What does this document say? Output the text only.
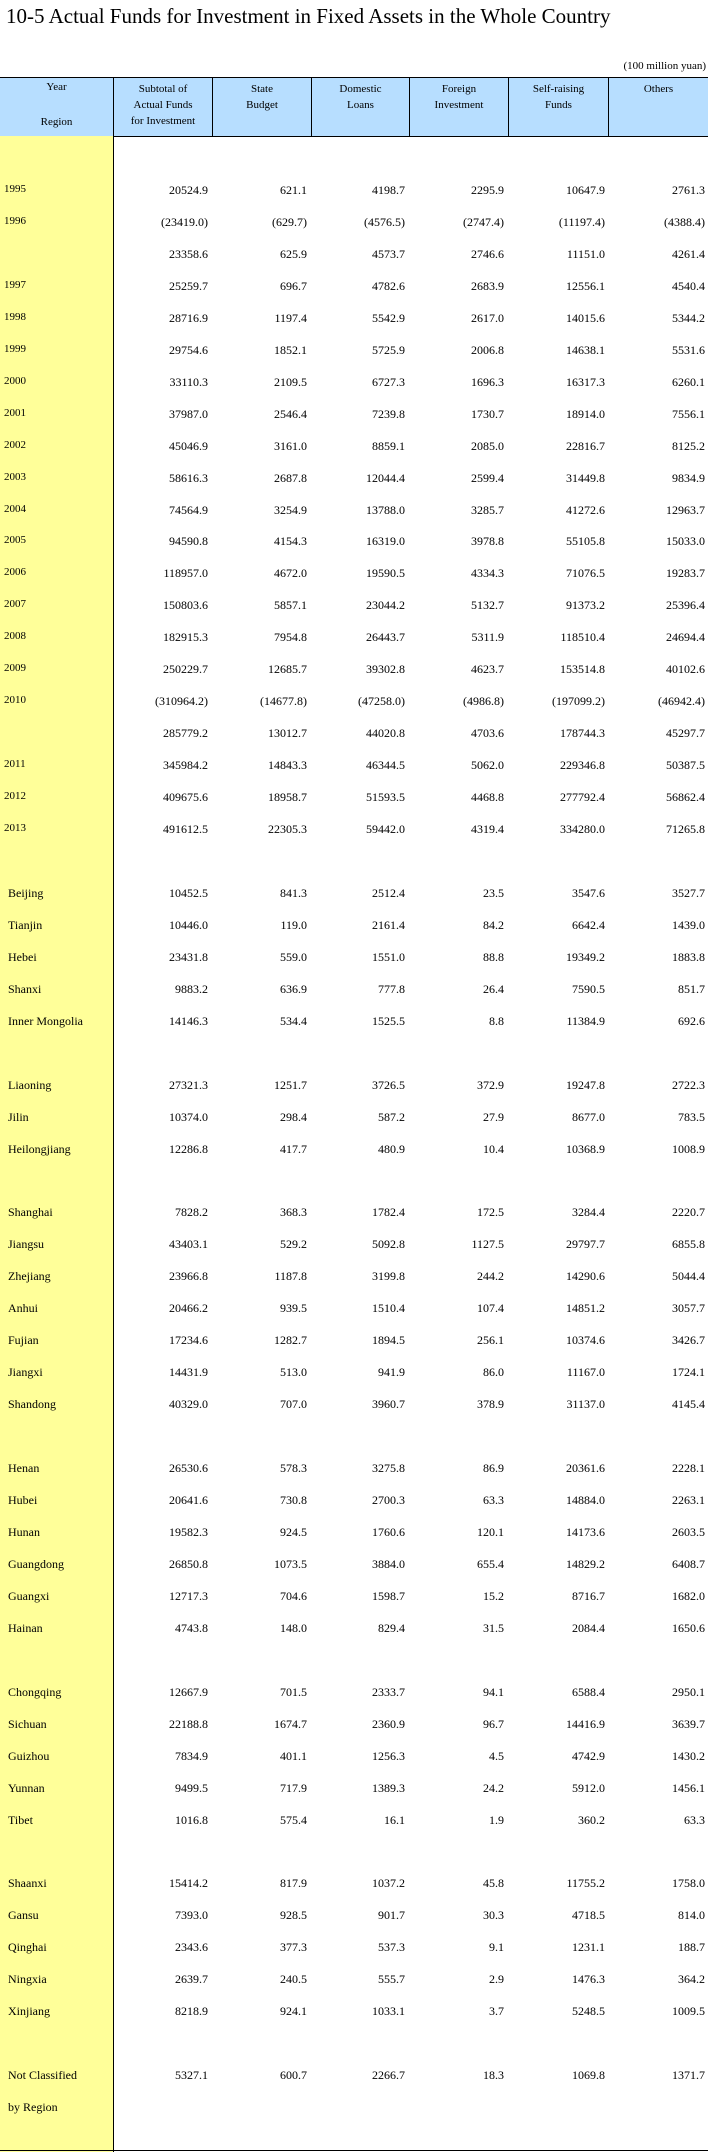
10-5 Actual Funds for Investment in Fixed Assets in the Whole Country
(100 million yuan)
Year
Region
Subtotal of
Actual Funds
for Investment
State
Budget
Domestic
Loans
Foreign
Investment
Self-raising
Funds
Others
1995	20524.9	621.1	4198.7	2295.9	10647.9	2761.3
1996	(23419.0)	(629.7)	(4576.5)	(2747.4)	(11197.4)	(4388.4)
23358.6	625.9	4573.7	2746.6	11151.0	4261.4
1997	25259.7	696.7	4782.6	2683.9	12556.1	4540.4
1998	28716.9	1197.4	5542.9	2617.0	14015.6	5344.2
1999	29754.6	1852.1	5725.9	2006.8	14638.1	5531.6
2000	33110.3	2109.5	6727.3	1696.3	16317.3	6260.1
2001	37987.0	2546.4	7239.8	1730.7	18914.0	7556.1
2002	45046.9	3161.0	8859.1	2085.0	22816.7	8125.2
2003	58616.3	2687.8	12044.4	2599.4	31449.8	9834.9
2004	74564.9	3254.9	13788.0	3285.7	41272.6	12963.7
2005	94590.8	4154.3	16319.0	3978.8	55105.8	15033.0
2006	118957.0	4672.0	19590.5	4334.3	71076.5	19283.7
2007	150803.6	5857.1	23044.2	5132.7	91373.2	25396.4
2008	182915.3	7954.8	26443.7	5311.9	118510.4	24694.4
2009	250229.7	12685.7	39302.8	4623.7	153514.8	40102.6
2010	(310964.2)	(14677.8)	(47258.0)	(4986.8)	(197099.2)	(46942.4)
285779.2	13012.7	44020.8	4703.6	178744.3	45297.7
2011	345984.2	14843.3	46344.5	5062.0	229346.8	50387.5
2012	409675.6	18958.7	51593.5	4468.8	277792.4	56862.4
2013	491612.5	22305.3	59442.0	4319.4	334280.0	71265.8
Beijing	10452.5	841.3	2512.4	23.5	3547.6	3527.7
Tianjin	10446.0	119.0	2161.4	84.2	6642.4	1439.0
Hebei	23431.8	559.0	1551.0	88.8	19349.2	1883.8
Shanxi	9883.2	636.9	777.8	26.4	7590.5	851.7
Inner Mongolia	14146.3	534.4	1525.5	8.8	11384.9	692.6
Liaoning	27321.3	1251.7	3726.5	372.9	19247.8	2722.3
Jilin	10374.0	298.4	587.2	27.9	8677.0	783.5
Heilongjiang	12286.8	417.7	480.9	10.4	10368.9	1008.9
Shanghai	7828.2	368.3	1782.4	172.5	3284.4	2220.7
Jiangsu	43403.1	529.2	5092.8	1127.5	29797.7	6855.8
Zhejiang	23966.8	1187.8	3199.8	244.2	14290.6	5044.4
Anhui	20466.2	939.5	1510.4	107.4	14851.2	3057.7
Fujian	17234.6	1282.7	1894.5	256.1	10374.6	3426.7
Jiangxi	14431.9	513.0	941.9	86.0	11167.0	1724.1
Shandong	40329.0	707.0	3960.7	378.9	31137.0	4145.4
Henan	26530.6	578.3	3275.8	86.9	20361.6	2228.1
Hubei	20641.6	730.8	2700.3	63.3	14884.0	2263.1
Hunan	19582.3	924.5	1760.6	120.1	14173.6	2603.5
Guangdong	26850.8	1073.5	3884.0	655.4	14829.2	6408.7
Guangxi	12717.3	704.6	1598.7	15.2	8716.7	1682.0
Hainan	4743.8	148.0	829.4	31.5	2084.4	1650.6
Chongqing	12667.9	701.5	2333.7	94.1	6588.4	2950.1
Sichuan	22188.8	1674.7	2360.9	96.7	14416.9	3639.7
Guizhou	7834.9	401.1	1256.3	4.5	4742.9	1430.2
Yunnan	9499.5	717.9	1389.3	24.2	5912.0	1456.1
Tibet	1016.8	575.4	16.1	1.9	360.2	63.3
Shaanxi	15414.2	817.9	1037.2	45.8	11755.2	1758.0
Gansu	7393.0	928.5	901.7	30.3	4718.5	814.0
Qinghai	2343.6	377.3	537.3	9.1	1231.1	188.7
Ningxia	2639.7	240.5	555.7	2.9	1476.3	364.2
Xinjiang	8218.9	924.1	1033.1	3.7	5248.5	1009.5
Not Classified	5327.1	600.7	2266.7	18.3	1069.8	1371.7
by Region
